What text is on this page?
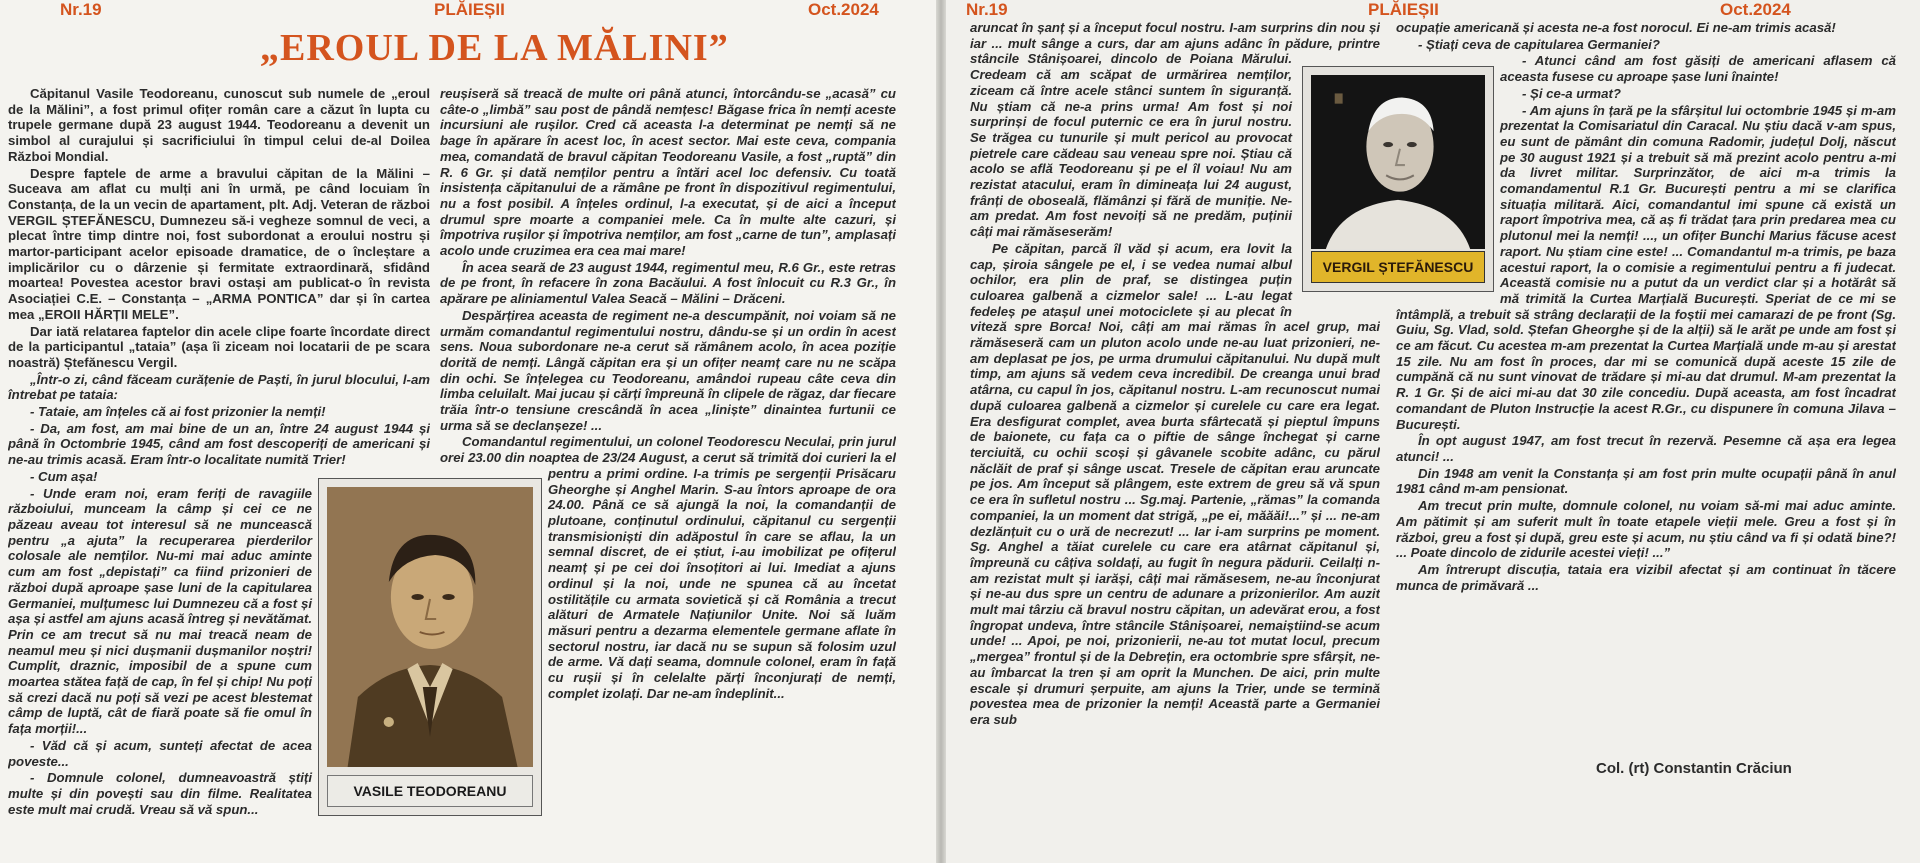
Nr.19	PLĂIEȘII	Oct.2024
„EROUL DE LA MĂLINI”

Căpitanul Vasile Teodoreanu, cunoscut sub numele de „eroul de la Mălini”, a fost primul ofițer român care a căzut în lupta cu trupele germane după 23 august 1944. Teodoreanu a devenit un simbol al curajului și sacrificiului în timpul celui de-al Doilea Război Mondial.

Despre faptele de arme a bravului căpitan de la Mălini – Suceava am aflat cu mulți ani în urmă, pe când locuiam în Constanța, de la un vecin de apartament, plt. Adj. Veteran de război VERGIL ȘTEFĂNESCU, Dumnezeu să-i vegheze somnul de veci, a plecat între timp dintre noi, fost subordonat a eroului nostru și martor-participant acelor episoade dramatice, de o încleștare a implicărilor cu o dârzenie și fermitate extraordinară, sfidând moartea! Povestea acestor bravi ostași am publicat-o în revista Asociației C.E. – Constanța – „ARMA PONTICA” dar și în cartea mea „EROII HĂRȚII MELE”.

Dar iată relatarea faptelor din acele clipe foarte încordate direct de la participantul „tataia” (așa îi ziceam noi locatarii de pe scara noastră) Ștefănescu Vergil.

„Într-o zi, când făceam curățenie de Paști, în jurul blocului, l-am întrebat pe tataia:

- Tataie, am înțeles că ai fost prizonier la nemți!

- Da, am fost, am mai bine de un an, între 24 august 1944 și până în Octombrie 1945, când am fost descoperiți de americani și ne-au trimis acasă. Eram într-o localitate numită Trier!

- Cum așa!

- Unde eram noi, eram feriți de ravagiile războiului, munceam la câmp și cei ce ne păzeau aveau tot interesul să ne muncească pentru „a ajuta” la recuperarea pierderilor colosale ale nemților. Nu-mi mai aduc aminte cum am fost „depistați” ca fiind prizonieri de război după aproape șase luni de la capitularea Germaniei, mulțumesc lui Dumnezeu că a fost și așa și astfel am ajuns acasă întreg și nevătămat. Prin ce am trecut să nu mai treacă neam de neamul meu și nici dușmanii dușmanilor noștri! Cumplit, draznic, imposibil de a spune cum moartea stătea față de cap, în fel și chip! Nu poți să crezi dacă nu poți să vezi pe acest blestemat câmp de luptă, cât de fiară poate să fie omul în fața morții!...

- Văd că și acum, sunteți afectat de acea poveste...

- Domnule colonel, dumneavoastră știți multe și din povești sau din filme. Realitatea este mult mai crudă. Vreau să vă spun...

reușiseră să treacă de multe ori până atunci, întorcându-se „acasă” cu câte-o „limbă” sau post de pândă nemțesc! Băgase frica în nemți aceste incursiuni ale rușilor. Cred că aceasta l-a determinat pe nemți să ne bage în apărare în acest loc, în acest sector. Mai este ceva, compania mea, comandată de bravul căpitan Teodoreanu Vasile, a fost „ruptă” din R. 6 Gr. și dată nemților pentru a întări acel loc defensiv. Cu toată insistența căpitanului de a rămâne pe front în dispozitivul regimentului, nu a fost posibil. A înțeles ordinul, l-a executat, și de aici a început drumul spre moarte a companiei mele. Ca în multe alte cazuri, și împotriva rușilor și împotriva nemților, am fost „carne de tun”, amplasați acolo unde cruzimea era cea mai mare!

În acea seară de 23 august 1944, regimentul meu, R.6 Gr., este retras de pe front, în refacere în zona Bacăului. A fost înlocuit cu R.3 Gr., în apărare pe aliniamentul Valea Seacă – Mălini – Drăceni.

Despărțirea aceasta de regiment ne-a descumpănit, noi voiam să ne urmăm comandantul regimentului nostru, dându-se și un ordin în acest sens. Noua subordonare ne-a cerut să rămânem acolo, în acea poziție dorită de nemți. Lângă căpitan era și un ofițer neamț care nu ne scăpa din ochi. Se înțelegea cu Teodoreanu, amândoi rupeau câte ceva din limba celuilalt. Mai jucau și cărți împreună în clipele de răgaz, dar fiecare trăia într-o tensiune crescândă în acea „liniște” dinaintea furtunii ce urma să se declanșeze! ...

Comandantul regimentului, un colonel Teodorescu Neculai, prin jurul orei 23.00 din noaptea de 23/24 August, a cerut să trimită doi curieri la el pentru a primi ordine. I-a trimis pe sergenții Prisăcaru Gheorghe și Anghel Marin. S-au întors aproape de ora 24.00. Până ce să ajungă la noi, la comandanții de plutoane, conținutul ordinului, căpitanul cu sergenții transmisioniști din adăpostul în care se aflau, la un semnal discret, de ei știut, i-au imobilizat pe ofițerul neamț și pe cei doi însoțitori ai lui. Imediat a ajuns ordinul și la noi, unde ne spunea că au încetat ostilitățile cu armata sovietică și că România a trecut alături de Armatele Națiunilor Unite. Noi să luăm măsuri pentru a dezarma elementele germane aflate în sectorul nostru, iar dacă nu se supun să folosim uzul de arme. Vă dați seama, domnule colonel, eram în față cu rușii și în celelalte părți înconjurați de nemți, complet izolați. Dar ne-am îndeplinit...

VASILE TEODOREANU
Nr.19	PLĂIEȘII	Oct.2024

aruncat în șanț și a început focul nostru. I-am surprins din nou și iar ... mult sânge a curs, dar am ajuns adânc în pădure, printre stâncile Stânișoarei, dincolo de Poiana Mărului. Credeam că am scăpat de urmărirea nemților, ziceam că între acele stânci suntem în siguranță. Nu știam că ne-a prins urma! Am fost și noi surprinși de focul puternic ce era în jurul nostru. Se trăgea cu tunurile și mult pericol au provocat pietrele care cădeau sau veneau spre noi. Știau că acolo se află Teodoreanu și pe el îl voiau! Nu am rezistat atacului, eram în dimineața lui 24 august, frânți de oboseală, flămânzi și fără de muniție. Ne-am predat. Am fost nevoiți să ne predăm, puținii câți mai rămăseserăm!

Pe căpitan, parcă îl văd și acum, era lovit la cap, șiroia sângele pe el, i se vedea numai albul ochilor, era plin de praf, se distingea puțin culoarea galbenă a cizmelor sale! ... L-au legat fedeleș pe atașul unei motociclete și au plecat în viteză spre Borca! Noi, câți am mai rămas în acel grup, mai rămăseseră cam un pluton acolo unde ne-au luat prizonieri, ne-am deplasat pe jos, pe urma drumului căpitanului. Nu după mult timp, am ajuns să vedem ceva incredibil. De creanga unui brad atârna, cu capul în jos, căpitanul nostru. L-am recunoscut numai după culoarea galbenă a cizmelor și curelele cu care era legat. Era desfigurat complet, avea burta sfârtecată și pieptul împuns de baionete, cu fața ca o piftie de sânge închegat și carne terciuită, cu ochii scoși și gâvanele scobite adânc, cu părul năclăit de praf și sânge uscat. Tresele de căpitan erau aruncate pe jos. Am început să plângem, este extrem de greu să vă spun ce era în sufletul nostru ... Sg.maj. Partenie, „rămas” la comanda companiei, la un moment dat strigă, „pe ei, măăăi!...” și ... ne-am dezlănțuit cu o ură de necrezut! ... Iar i-am surprins pe moment. Sg. Anghel a tăiat curelele cu care era atârnat căpitanul și, împreună cu câțiva soldați, au fugit în negura pădurii. Ceilalți n-am rezistat mult și iarăși, câți mai rămăsesem, ne-au înconjurat și ne-au dus spre un centru de adunare a prizonierilor. Am auzit mult mai târziu că bravul nostru căpitan, un adevărat erou, a fost îngropat undeva, între stâncile Stânișoarei, nemaiștiind-se acum unde! ... Apoi, pe noi, prizonierii, ne-au tot mutat locul, precum „mergea” frontul și de la Debrețin, era octombrie spre sfârșit, ne-au îmbarcat la tren și am oprit la Munchen. De aici, prin multe escale și drumuri șerpuite, am ajuns la Trier, unde se termină povestea mea de prizonier la nemți! Această parte a Germaniei era sub

ocupație americană și acesta ne-a fost norocul. Ei ne-am trimis acasă!

- Știați ceva de capitularea Germaniei?

- Atunci când am fost găsiți de americani aflasem că aceasta fusese cu aproape șase luni înainte!

- Și ce-a urmat?

- Am ajuns în țară pe la sfârșitul lui octombrie 1945 și m-am prezentat la Comisariatul din Caracal. Nu știu dacă v-am spus, eu sunt de pământ din comuna Radomir, județul Dolj, născut pe 30 august 1921 și a trebuit să mă prezint acolo pentru a-mi da livret militar. Surprinzător, de aici m-a trimis la comandamentul R.1 Gr. București pentru a mi se clarifica situația militară. Aici, comandantul imi spune că există un raport împotriva mea, că aș fi trădat țara prin predarea mea cu plutonul mei la nemți! ..., un ofițer Bunchi Marius făcuse acest raport. Nu știam cine este! ... Comandantul m-a trimis, pe baza acestui raport, la o comisie a regimentului pentru a fi judecat. Această comisie nu a putut da un verdict clar și a hotărât să mă trimită la Curtea Marțială București. Speriat de ce mi se întâmplă, a trebuit să strâng declarații de la foștii mei camarazi de pe front (Sg. Guiu, Sg. Vlad, sold. Ștefan Gheorghe și de la alții) să le arăt pe unde am fost și ce am făcut. Cu acestea m-am prezentat la Curtea Marțială unde m-au și arestat 15 zile. Nu am fost în proces, dar mi se comunică după aceste 15 zile de cumpănă că nu sunt vinovat de trădare și mi-au dat drumul. M-am prezentat la R. 1 Gr. Și de aici mi-au dat 30 zile concediu. După aceasta, am fost încadrat comandant de Pluton Instrucție la acest R.Gr., cu dispunere în comuna Jilava – București.

În opt august 1947, am fost trecut în rezervă. Pesemne că așa era legea atunci! ...

Din 1948 am venit la Constanța și am fost prin multe ocupații până în anul 1981 când m-am pensionat.

Am trecut prin multe, domnule colonel, nu voiam să-mi mai aduc aminte. Am pătimit și am suferit mult în toate etapele vieții mele. Greu a fost și în război, greu a fost și după, greu este și acum, nu știu când va fi și odată bine?! ... Poate dincolo de zidurile acestei vieți! ...”

Am întrerupt discuția, tataia era vizibil afectat și am continuat în tăcere munca de primăvară ...

VERGIL ȘTEFĂNESCU
Col. (rt) Constantin Crăciun
